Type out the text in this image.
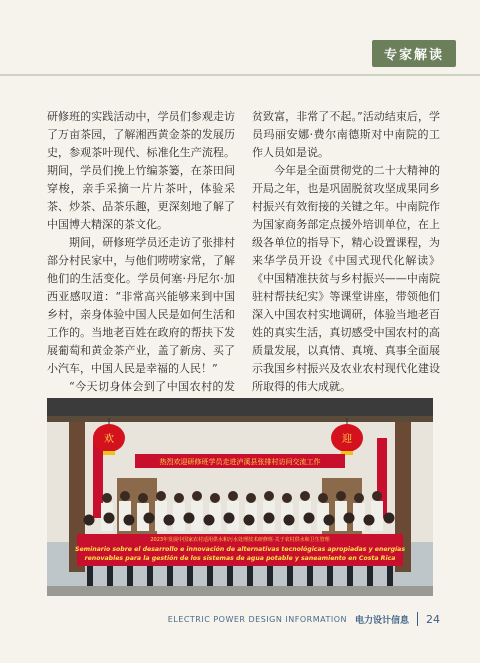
专家解读

研修班的实践活动中，学员们参观走访了万亩茶园，了解湘西黄金茶的发展历史，参观茶叶现代、标准化生产流程。期间，学员们挽上竹编茶篓，在茶田间穿梭，亲手采摘一片片茶叶，体验采茶、炒茶、品茶乐趣，更深刻地了解了中国博大精深的茶文化。

期间，研修班学员还走访了张排村部分村民家中，与他们唠唠家常，了解他们的生活变化。学员何塞·丹尼尔·加西亚感叹道：“非常高兴能够来到中国乡村，亲身体验中国人民是如何生活和工作的。当地老百姓在政府的帮扶下发展葡萄和黄金茶产业，盖了新房、买了小汽车，中国人民是幸福的人民！”

“今天切身体会到了中国农村的发

贫致富，非常了不起。”活动结束后，学员玛丽安娜·费尔南德斯对中南院的工作人员如是说。

今年是全面贯彻党的二十大精神的开局之年，也是巩固脱贫攻坚成果同乡村振兴有效衔接的关键之年。中南院作为国家商务部定点援外培训单位，在上级各单位的指导下，精心设置课程，为来华学员开设《中国式现代化解读》《中国精准扶贫与乡村振兴——中南院驻村帮扶纪实》等课堂讲座，带领他们深入中国农村实地调研，体验当地老百姓的真实生活，真切感受中国农村的高质量发展，以真情、真境、真事全面展示我国乡村振兴及农业农村现代化建设所取得的伟大成就。

欢	迎
热烈欢迎研修班学员走进泸溪县张排村访问交流工作
2023年发展中国家农村适用供水和污水处理技术研修班·关于农村供水和卫生管理
Seminario sobre el desarrollo e innovación de alternativas tecnológicas apropiadas y energías
renovables para la gestión de los sistemas de agua potable y saneamiento en Costa Rica
ELECTRIC POWER DESIGN INFORMATION 电力设计信息 24
